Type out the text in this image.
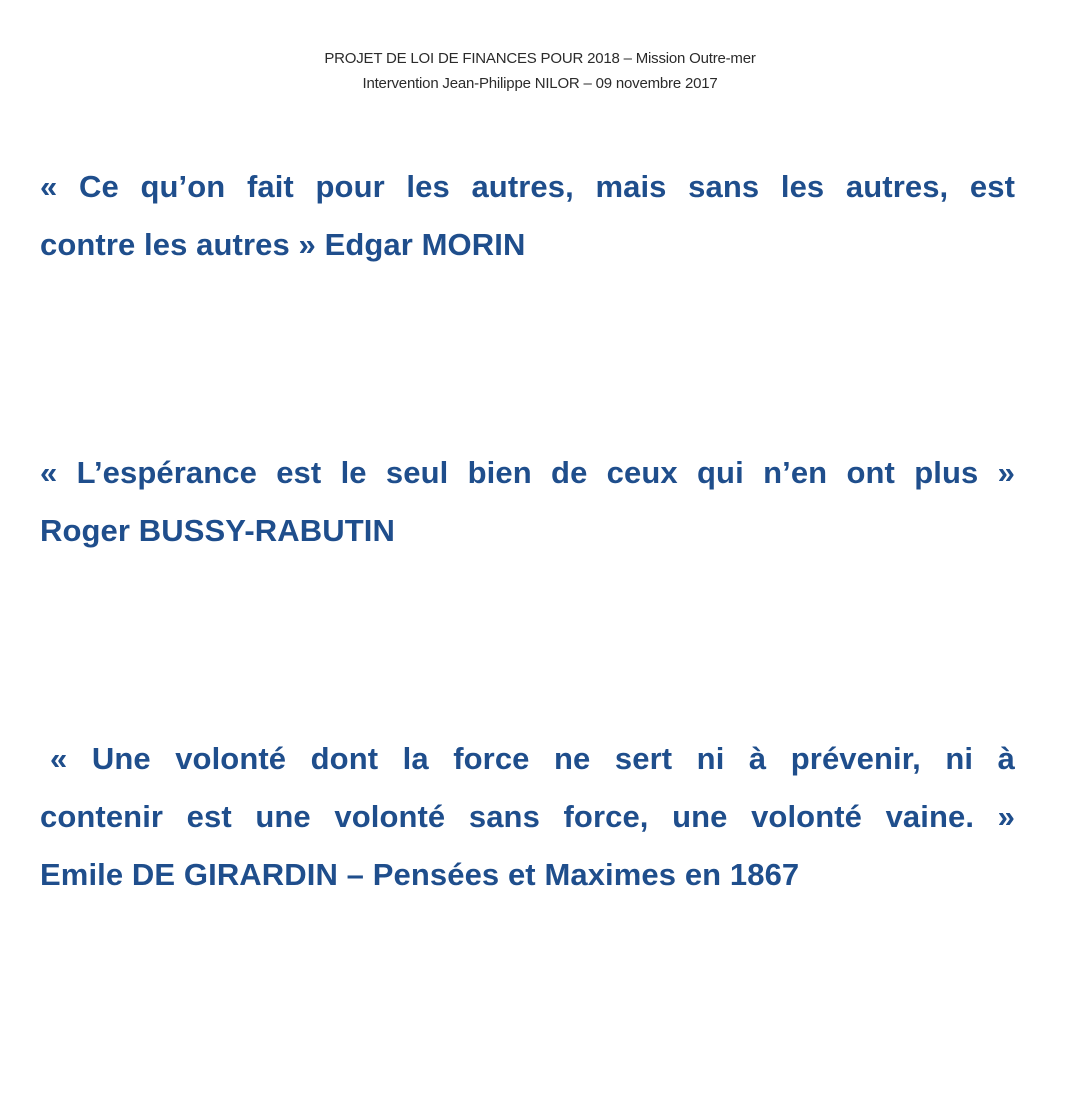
PROJET DE LOI DE FINANCES POUR 2018 – Mission Outre-mer
Intervention Jean-Philippe NILOR – 09 novembre 2017
« Ce qu’on fait pour les autres, mais sans les autres, est
contre les autres » Edgar MORIN
« L’espérance est le seul bien de ceux qui n’en ont plus »
Roger BUSSY-RABUTIN
« Une volonté dont la force ne sert ni à prévenir, ni à
contenir est une volonté sans force, une volonté vaine. »
Emile DE GIRARDIN – Pensées et Maximes en 1867
